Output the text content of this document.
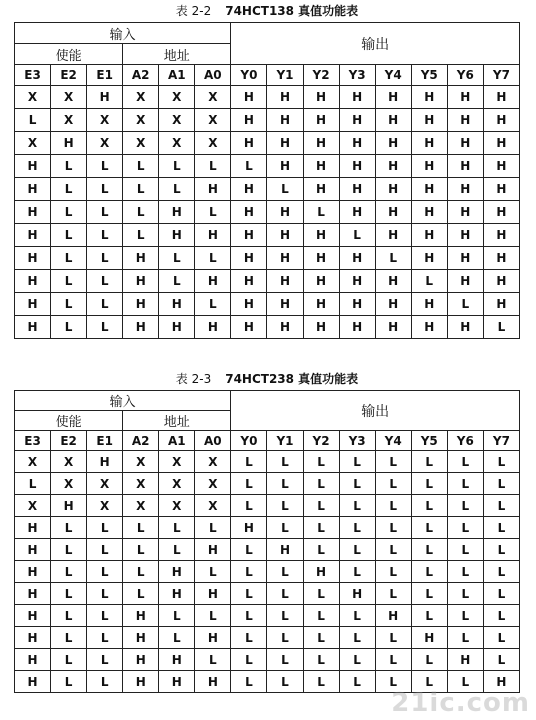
表 2-2 74HCT138 真值功能表
输入						输出							
使能			地址										
E3	E2	E1	A2	A1	A0	Y0	Y1	Y2	Y3	Y4	Y5	Y6	Y7
X	X	H	X	X	X	H	H	H	H	H	H	H	H
L	X	X	X	X	X	H	H	H	H	H	H	H	H
X	H	X	X	X	X	H	H	H	H	H	H	H	H
H	L	L	L	L	L	L	H	H	H	H	H	H	H
H	L	L	L	L	H	H	L	H	H	H	H	H	H
H	L	L	L	H	L	H	H	L	H	H	H	H	H
H	L	L	L	H	H	H	H	H	L	H	H	H	H
H	L	L	H	L	L	H	H	H	H	L	H	H	H
H	L	L	H	L	H	H	H	H	H	H	L	H	H
H	L	L	H	H	L	H	H	H	H	H	H	L	H
H	L	L	H	H	H	H	H	H	H	H	H	H	L
表 2-3 74HCT238 真值功能表
输入						输出							
使能			地址										
E3	E2	E1	A2	A1	A0	Y0	Y1	Y2	Y3	Y4	Y5	Y6	Y7
X	X	H	X	X	X	L	L	L	L	L	L	L	L
L	X	X	X	X	X	L	L	L	L	L	L	L	L
X	H	X	X	X	X	L	L	L	L	L	L	L	L
H	L	L	L	L	L	H	L	L	L	L	L	L	L
H	L	L	L	L	H	L	H	L	L	L	L	L	L
H	L	L	L	H	L	L	L	H	L	L	L	L	L
H	L	L	L	H	H	L	L	L	H	L	L	L	L
H	L	L	H	L	L	L	L	L	L	H	L	L	L
H	L	L	H	L	H	L	L	L	L	L	H	L	L
H	L	L	H	H	L	L	L	L	L	L	L	H	L
H	L	L	H	H	H	L	L	L	L	L	L	L	H
21ic.com
